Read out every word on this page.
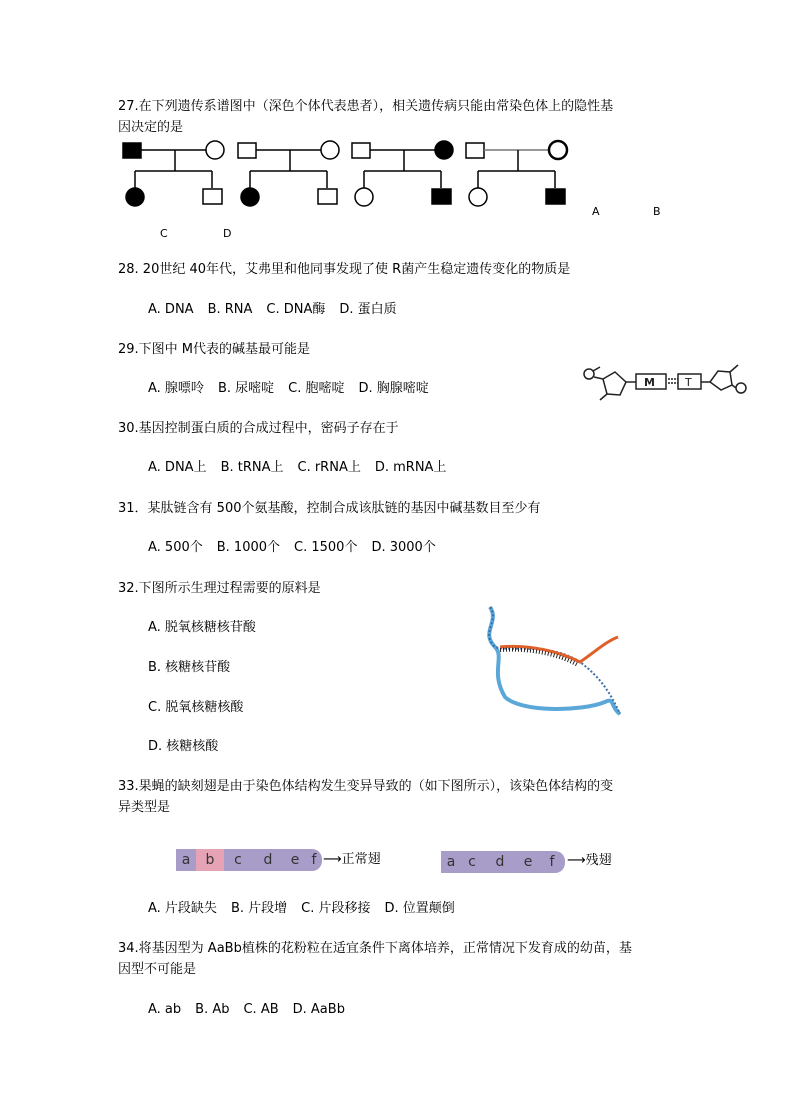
27.在下列遗传系谱图中（深色个体代表患者），相关遗传病只能由常染色体上的隐性基
因决定的是
A	B
C	D
28. 20世纪 40年代，艾弗里和他同事发现了使 R菌产生稳定遗传变化的物质是
A. DNA B. RNA C. DNA酶 D. 蛋白质
29.下图中 M代表的碱基最可能是
A. 腺嘌呤 B. 尿嘧啶 C. 胞嘧啶 D. 胸腺嘧啶	M	T
30.基因控制蛋白质的合成过程中，密码子存在于
A. DNA上 B. tRNA上 C. rRNA上 D. mRNA上
31．某肽链含有 500个氨基酸，控制合成该肽链的基因中碱基数目至少有
A. 500个 B. 1000个 C. 1500个 D. 3000个
32.下图所示生理过程需要的原料是
A. 脱氧核糖核苷酸
B. 核糖核苷酸
C. 脱氧核糖核酸
D. 核糖核酸
33.果蝇的缺刻翅是由于染色体结构发生变异导致的（如下图所示），该染色体结构的变
异类型是
a b c d e f ⟶正常翅	a c d e f ⟶残翅
A. 片段缺失 B. 片段增 C. 片段移接 D. 位置颠倒
34.将基因型为 AaBb植株的花粉粒在适宜条件下离体培养，正常情况下发育成的幼苗，基
因型不可能是
A. ab B. Ab C. AB D. AaBb
